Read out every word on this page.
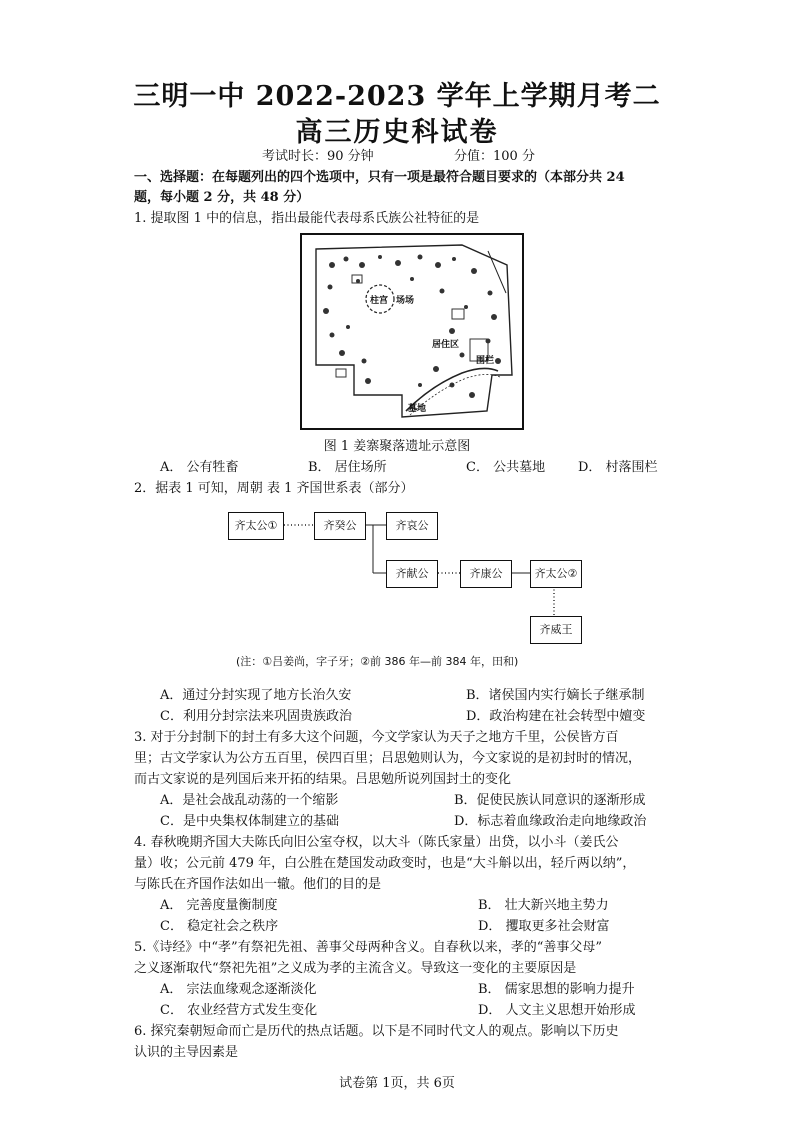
三明一中 2022-2023 学年上学期月考二
高三历史科试卷
考试时长：90 分钟	分值：100 分
一、选择题：在每题列出的四个选项中，只有一项是最符合题目要求的（本部分共 24
题，每小题 2 分，共 48 分）
1. 提取图 1 中的信息，指出最能代表母系氏族公社特征的是
柱宫 场场
居住区
围栏
墓地
图 1 姜寨聚落遗址示意图
A． 公有牲畜	B． 居住场所	C． 公共墓地	D． 村落围栏
2．据表 1 可知，周朝 表 1 齐国世系表（部分）
齐太公①	齐癸公	齐哀公
齐献公	齐康公	齐太公②
齐威王
(注：①吕姜尚，字子牙；②前 386 年—前 384 年，田和)
A．通过分封实现了地方长治久安	B．诸侯国内实行嫡长子继承制
C．利用分封宗法来巩固贵族政治	D．政治构建在社会转型中嬗变
3. 对于分封制下的封土有多大这个问题，今文学家认为天子之地方千里，公侯皆方百
里；古文学家认为公方五百里，侯四百里；吕思勉则认为，今文家说的是初封时的情况，
而古文家说的是列国后来开拓的结果。吕思勉所说列国封土的变化
A．是社会战乱动荡的一个缩影	B．促使民族认同意识的逐渐形成
C．是中央集权体制建立的基础	D．标志着血缘政治走向地缘政治
4. 春秋晚期齐国大夫陈氏向旧公室夺权，以大斗（陈氏家量）出贷，以小斗（姜氏公
量）收；公元前 479 年，白公胜在楚国发动政变时，也是“大斗斛以出，轻斤两以纳”，
与陈氏在齐国作法如出一辙。他们的目的是
A． 完善度量衡制度	B． 壮大新兴地主势力
C． 稳定社会之秩序	D． 攫取更多社会财富
5.《诗经》中“孝”有祭祀先祖、善事父母两种含义。自春秋以来，孝的“善事父母”
之义逐渐取代“祭祀先祖”之义成为孝的主流含义。导致这一变化的主要原因是
A． 宗法血缘观念逐渐淡化	B． 儒家思想的影响力提升
C． 农业经营方式发生变化	D． 人文主义思想开始形成
6. 探究秦朝短命而亡是历代的热点话题。以下是不同时代文人的观点。影响以下历史
认识的主导因素是
试卷第 1页，共 6页
